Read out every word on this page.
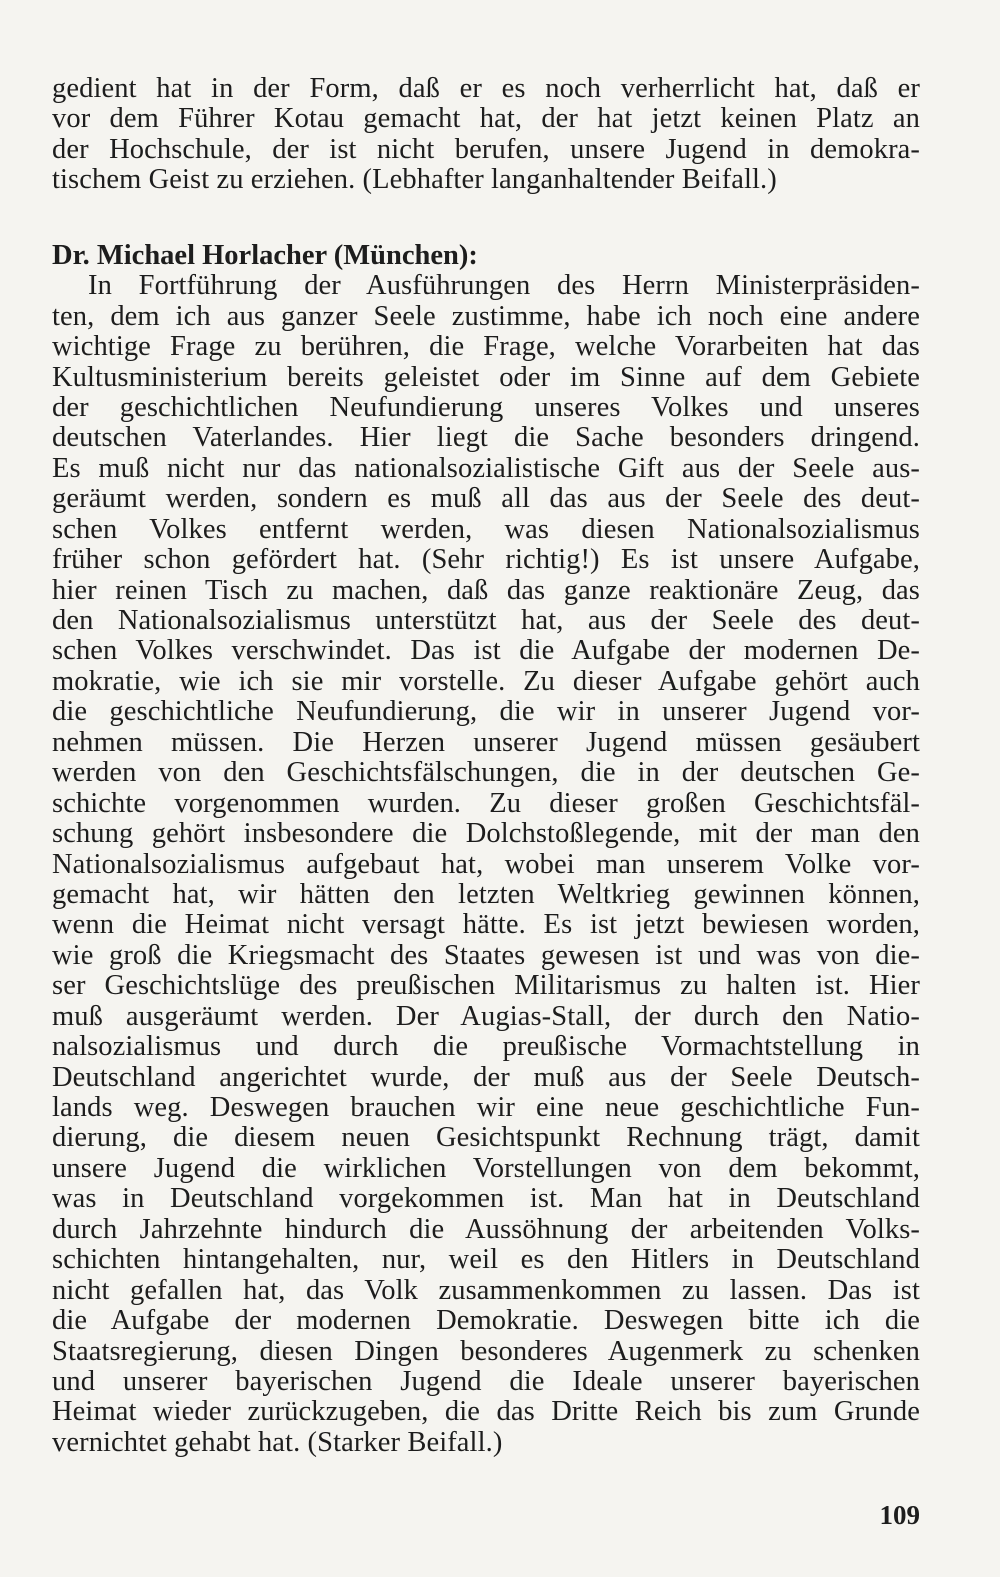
gedient hat in der Form, daß er es noch verherrlicht hat, daß er
vor dem Führer Kotau gemacht hat, der hat jetzt keinen Platz an
der Hochschule, der ist nicht berufen, unsere Jugend in demokra-
tischem Geist zu erziehen. (Lebhafter langanhaltender Beifall.)
Dr. Michael Horlacher (München):
In Fortführung der Ausführungen des Herrn Ministerpräsiden-
ten, dem ich aus ganzer Seele zustimme, habe ich noch eine andere
wichtige Frage zu berühren, die Frage, welche Vorarbeiten hat das
Kultusministerium bereits geleistet oder im Sinne auf dem Gebiete
der geschichtlichen Neufundierung unseres Volkes und unseres
deutschen Vaterlandes. Hier liegt die Sache besonders dringend.
Es muß nicht nur das nationalsozialistische Gift aus der Seele aus-
geräumt werden, sondern es muß all das aus der Seele des deut-
schen Volkes entfernt werden, was diesen Nationalsozialismus
früher schon gefördert hat. (Sehr richtig!) Es ist unsere Aufgabe,
hier reinen Tisch zu machen, daß das ganze reaktionäre Zeug, das
den Nationalsozialismus unterstützt hat, aus der Seele des deut-
schen Volkes verschwindet. Das ist die Aufgabe der modernen De-
mokratie, wie ich sie mir vorstelle. Zu dieser Aufgabe gehört auch
die geschichtliche Neufundierung, die wir in unserer Jugend vor-
nehmen müssen. Die Herzen unserer Jugend müssen gesäubert
werden von den Geschichtsfälschungen, die in der deutschen Ge-
schichte vorgenommen wurden. Zu dieser großen Geschichtsfäl-
schung gehört insbesondere die Dolchstoßlegende, mit der man den
Nationalsozialismus aufgebaut hat, wobei man unserem Volke vor-
gemacht hat, wir hätten den letzten Weltkrieg gewinnen können,
wenn die Heimat nicht versagt hätte. Es ist jetzt bewiesen worden,
wie groß die Kriegsmacht des Staates gewesen ist und was von die-
ser Geschichtslüge des preußischen Militarismus zu halten ist. Hier
muß ausgeräumt werden. Der Augias-Stall, der durch den Natio-
nalsozialismus und durch die preußische Vormachtstellung in
Deutschland angerichtet wurde, der muß aus der Seele Deutsch-
lands weg. Deswegen brauchen wir eine neue geschichtliche Fun-
dierung, die diesem neuen Gesichtspunkt Rechnung trägt, damit
unsere Jugend die wirklichen Vorstellungen von dem bekommt,
was in Deutschland vorgekommen ist. Man hat in Deutschland
durch Jahrzehnte hindurch die Aussöhnung der arbeitenden Volks-
schichten hintangehalten, nur, weil es den Hitlers in Deutschland
nicht gefallen hat, das Volk zusammenkommen zu lassen. Das ist
die Aufgabe der modernen Demokratie. Deswegen bitte ich die
Staatsregierung, diesen Dingen besonderes Augenmerk zu schenken
und unserer bayerischen Jugend die Ideale unserer bayerischen
Heimat wieder zurückzugeben, die das Dritte Reich bis zum Grunde
vernichtet gehabt hat. (Starker Beifall.)
109
